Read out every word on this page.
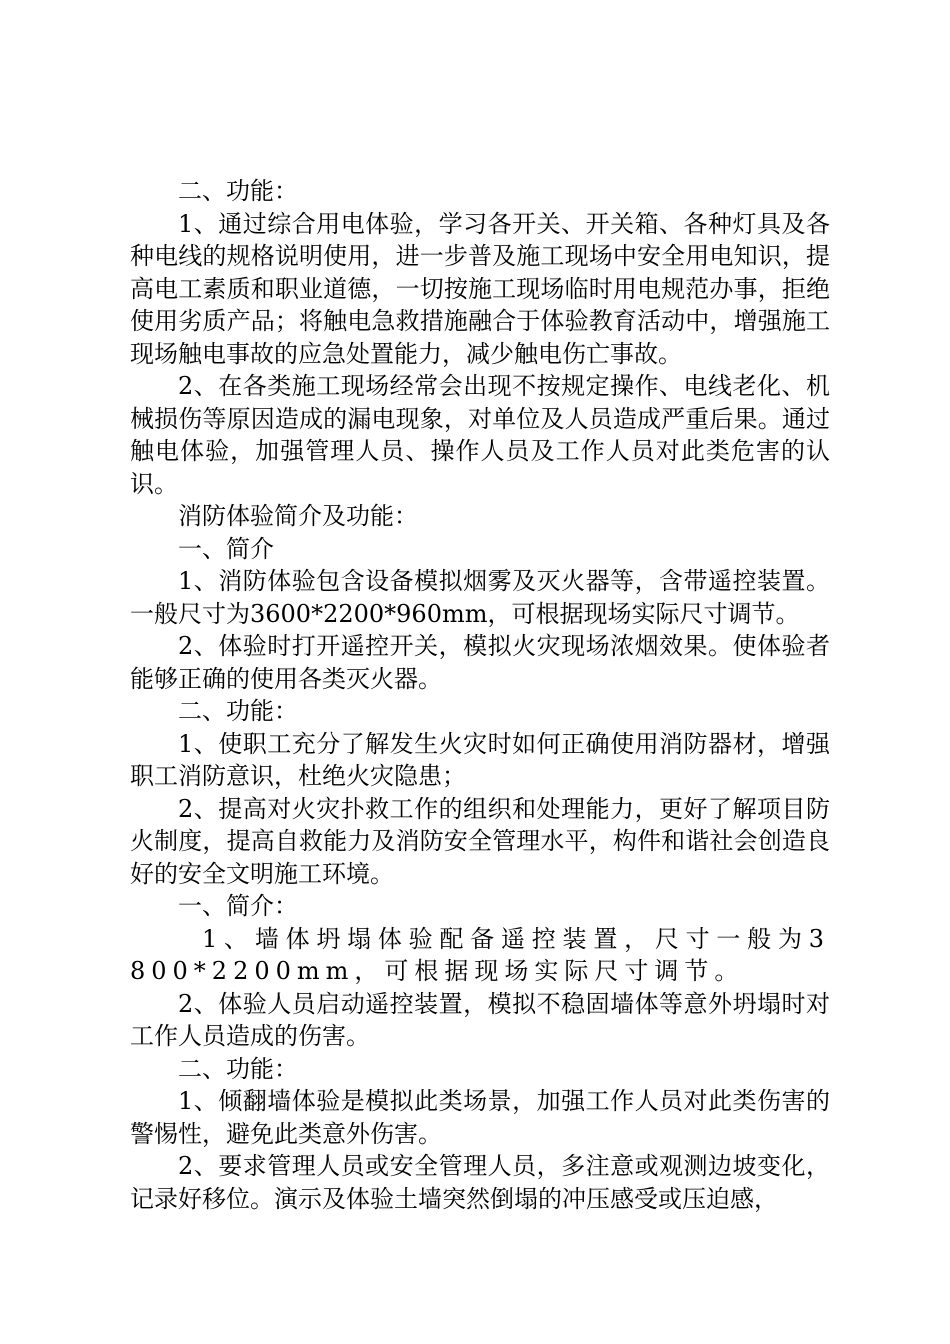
二、功能：

1、通过综合用电体验，学习各开关、开关箱、各种灯具及各种电线的规格说明使用，进一步普及施工现场中安全用电知识，提高电工素质和职业道德，一切按施工现场临时用电规范办事，拒绝使用劣质产品；将触电急救措施融合于体验教育活动中，增强施工现场触电事故的应急处置能力，减少触电伤亡事故。

2、在各类施工现场经常会出现不按规定操作、电线老化、机械损伤等原因造成的漏电现象，对单位及人员造成严重后果。通过触电体验，加强管理人员、操作人员及工作人员对此类危害的认识。

消防体验简介及功能：

一、简介

1、消防体验包含设备模拟烟雾及灭火器等，含带遥控装置。一般尺寸为3600*2200*960mm，可根据现场实际尺寸调节。

2、体验时打开遥控开关，模拟火灾现场浓烟效果。使体验者能够正确的使用各类灭火器。

二、功能：

1、使职工充分了解发生火灾时如何正确使用消防器材，增强职工消防意识，杜绝火灾隐患；

2、提高对火灾扑救工作的组织和处理能力，更好了解项目防火制度，提高自救能力及消防安全管理水平，构件和谐社会创造良好的安全文明施工环境。

一、简介：

1、墙体坍塌体验配备遥控装置，尺寸一般为3800*2200mm，可根据现场实际尺寸调节。

2、体验人员启动遥控装置，模拟不稳固墙体等意外坍塌时对工作人员造成的伤害。

二、功能：

1、倾翻墙体验是模拟此类场景，加强工作人员对此类伤害的警惕性，避免此类意外伤害。

2、要求管理人员或安全管理人员，多注意或观测边坡变化，记录好移位。演示及体验土墙突然倒塌的冲压感受或压迫感，
